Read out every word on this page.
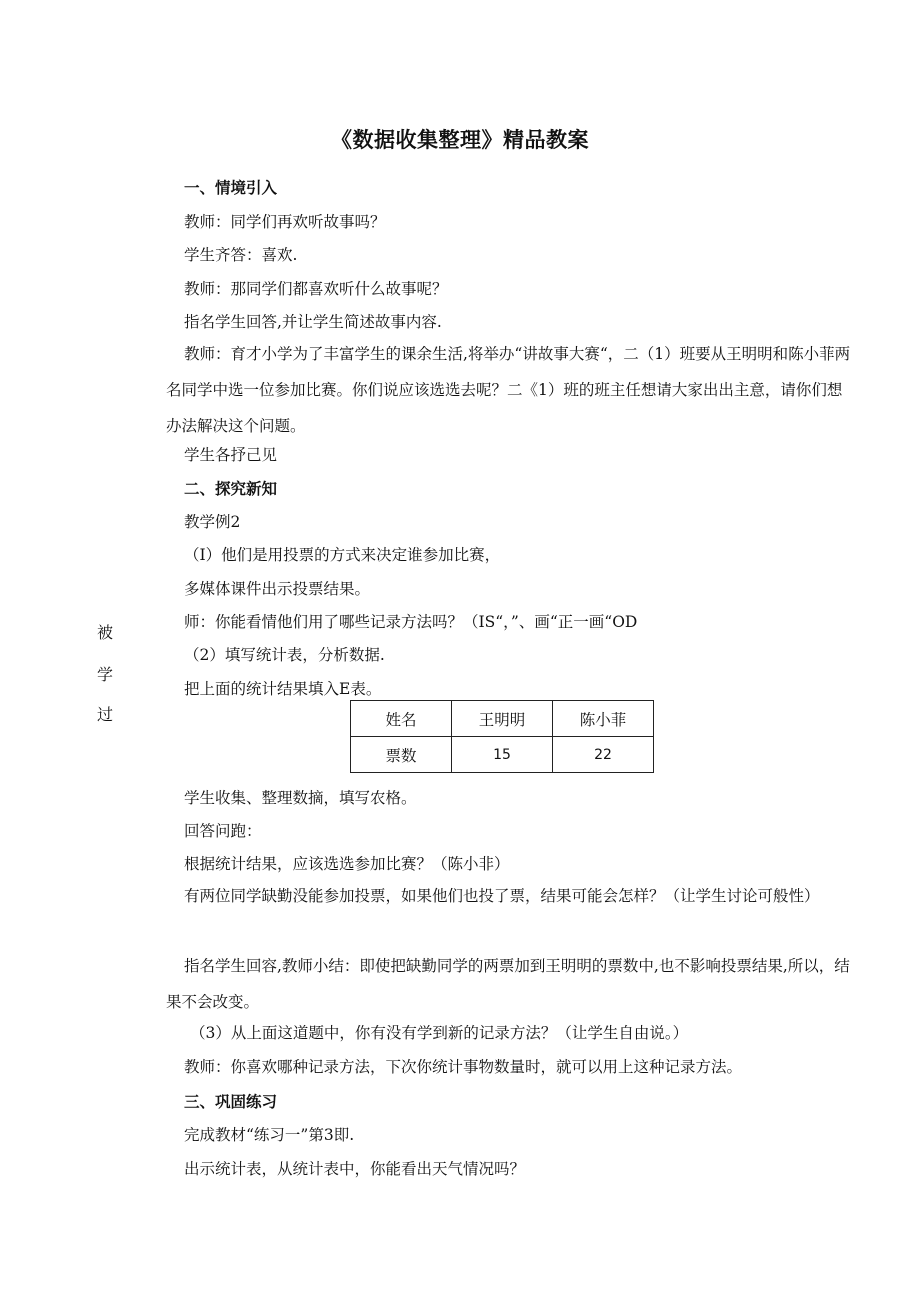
《数据收集整理》精品教案
一、情境引入
教师：同学们再欢听故事吗？
学生齐答：喜欢.
教师：那同学们都喜欢听什么故事呢？
指名学生回答,并让学生简述故事内容.
教师：育才小学为了丰富学生的课余生活,将举办“讲故事大赛“，二（1）班要从王明明和陈小菲两名同学中选一位参加比赛。你们说应该选选去呢？二《1）班的班主任想请大家出出主意，请你们想办法解决这个问题。
学生各抒己见
二、探究新知
教学例2
（I）他们是用投票的方式来决定谁参加比赛，
多媒体课件出示投票结果。
师：你能看情他们用了哪些记录方法吗？（IS“，”、画“正一画“OD
（2）填写统计表，分析数据.
把上面的统计结果填入E表。
被
学
过	姓名	王明明	陈小菲
票数	15	22
学生收集、整理数摘，填写农格。
回答问跑：
根据统计结果，应该选选参加比赛？（陈小非）
有两位同学缺勤没能参加投票，如果他们也投了票，结果可能会怎样？（让学生讨论可般性）
指名学生回容,教师小结：即使把缺勤同学的两票加到王明明的票数中,也不影响投票结果,所以，结果不会改变。
（3）从上面这道题中，你有没有学到新的记录方法？（让学生自由说。）
教师：你喜欢哪种记录方法，下次你统计事物数量时，就可以用上这种记录方法。
三、巩固练习
完成教材“练习一”第3即.
出示统计表，从统计表中，你能看出天气情况吗？
